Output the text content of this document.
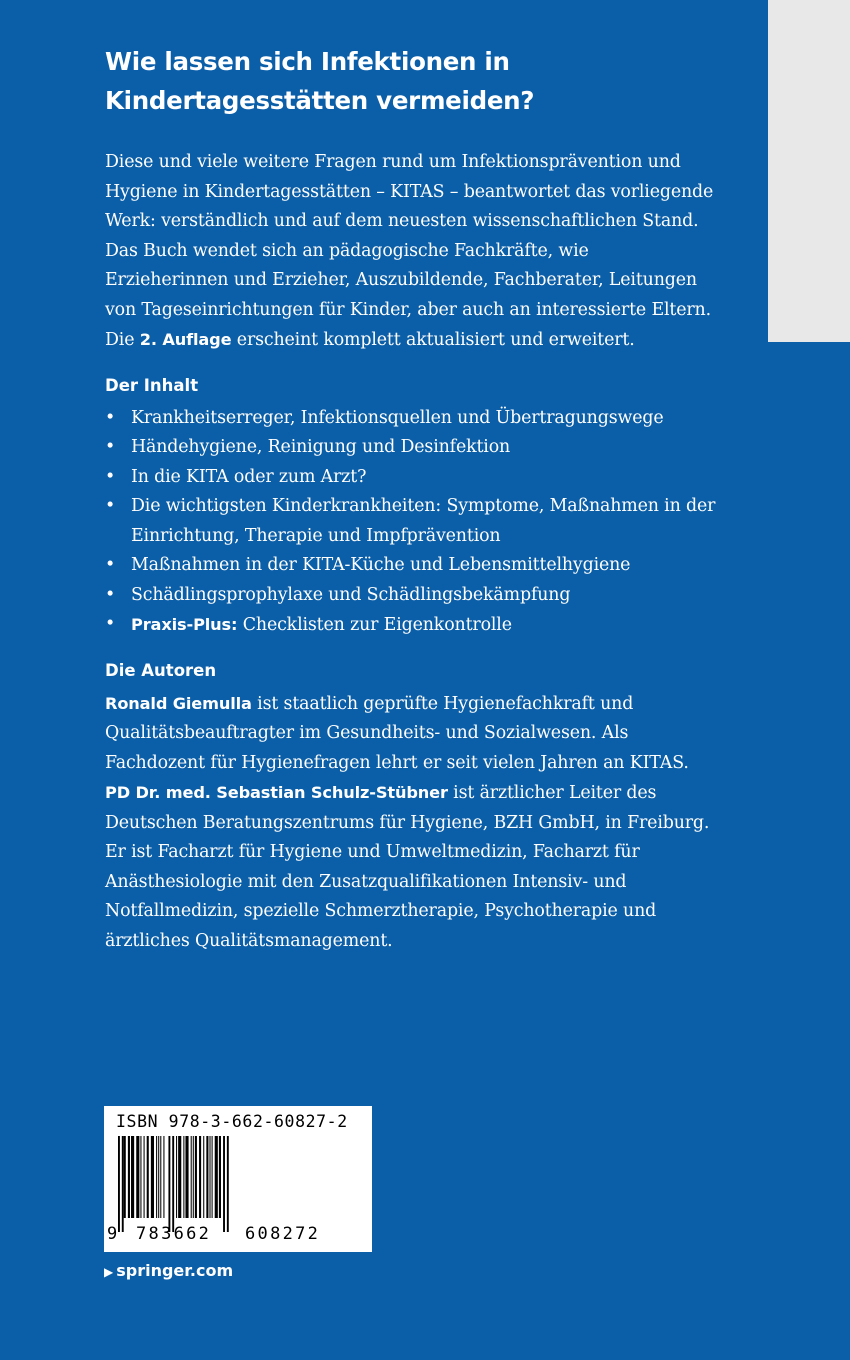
Wie lassen sich Infektionen in Kindertagesstätten vermeiden?

Diese und viele weitere Fragen rund um Infektionsprävention und Hygiene in Kindertagesstätten – KITAS – beantwortet das vorliegende Werk: verständlich und auf dem neuesten wissenschaftlichen Stand. Das Buch wendet sich an pädagogische Fachkräfte, wie Erzieherinnen und Erzieher, Auszubildende, Fachberater, Leitungen von Tageseinrichtungen für Kinder, aber auch an interessierte Eltern. Die 2. Auflage erscheint komplett aktualisiert und erweitert.

Der Inhalt
• Krankheitserreger, Infektionsquellen und Übertragungswege
• Händehygiene, Reinigung und Desinfektion
• In die KITA oder zum Arzt?
• Die wichtigsten Kinderkrankheiten: Symptome, Maßnahmen in der Einrichtung, Therapie und Impfprävention
• Maßnahmen in der KITA-Küche und Lebensmittelhygiene
• Schädlingsprophylaxe und Schädlingsbekämpfung
• Praxis-Plus: Checklisten zur Eigenkontrolle
Die Autoren

Ronald Giemulla ist staatlich geprüfte Hygienefachkraft und Qualitätsbeauftragter im Gesundheits- und Sozialwesen. Als Fachdozent für Hygienefragen lehrt er seit vielen Jahren an KITAS.

PD Dr. med. Sebastian Schulz-Stübner ist ärztlicher Leiter des Deutschen Beratungszentrums für Hygiene, BZH GmbH, in Freiburg. Er ist Facharzt für Hygiene und Umweltmedizin, Facharzt für Anästhesiologie mit den Zusatzqualifikationen Intensiv- und Notfallmedizin, spezielle Schmerztherapie, Psychotherapie und ärztliches Qualitätsmanagement.

ISBN 978-3-662-60827-2
9 783662 608272
▶ springer.com
